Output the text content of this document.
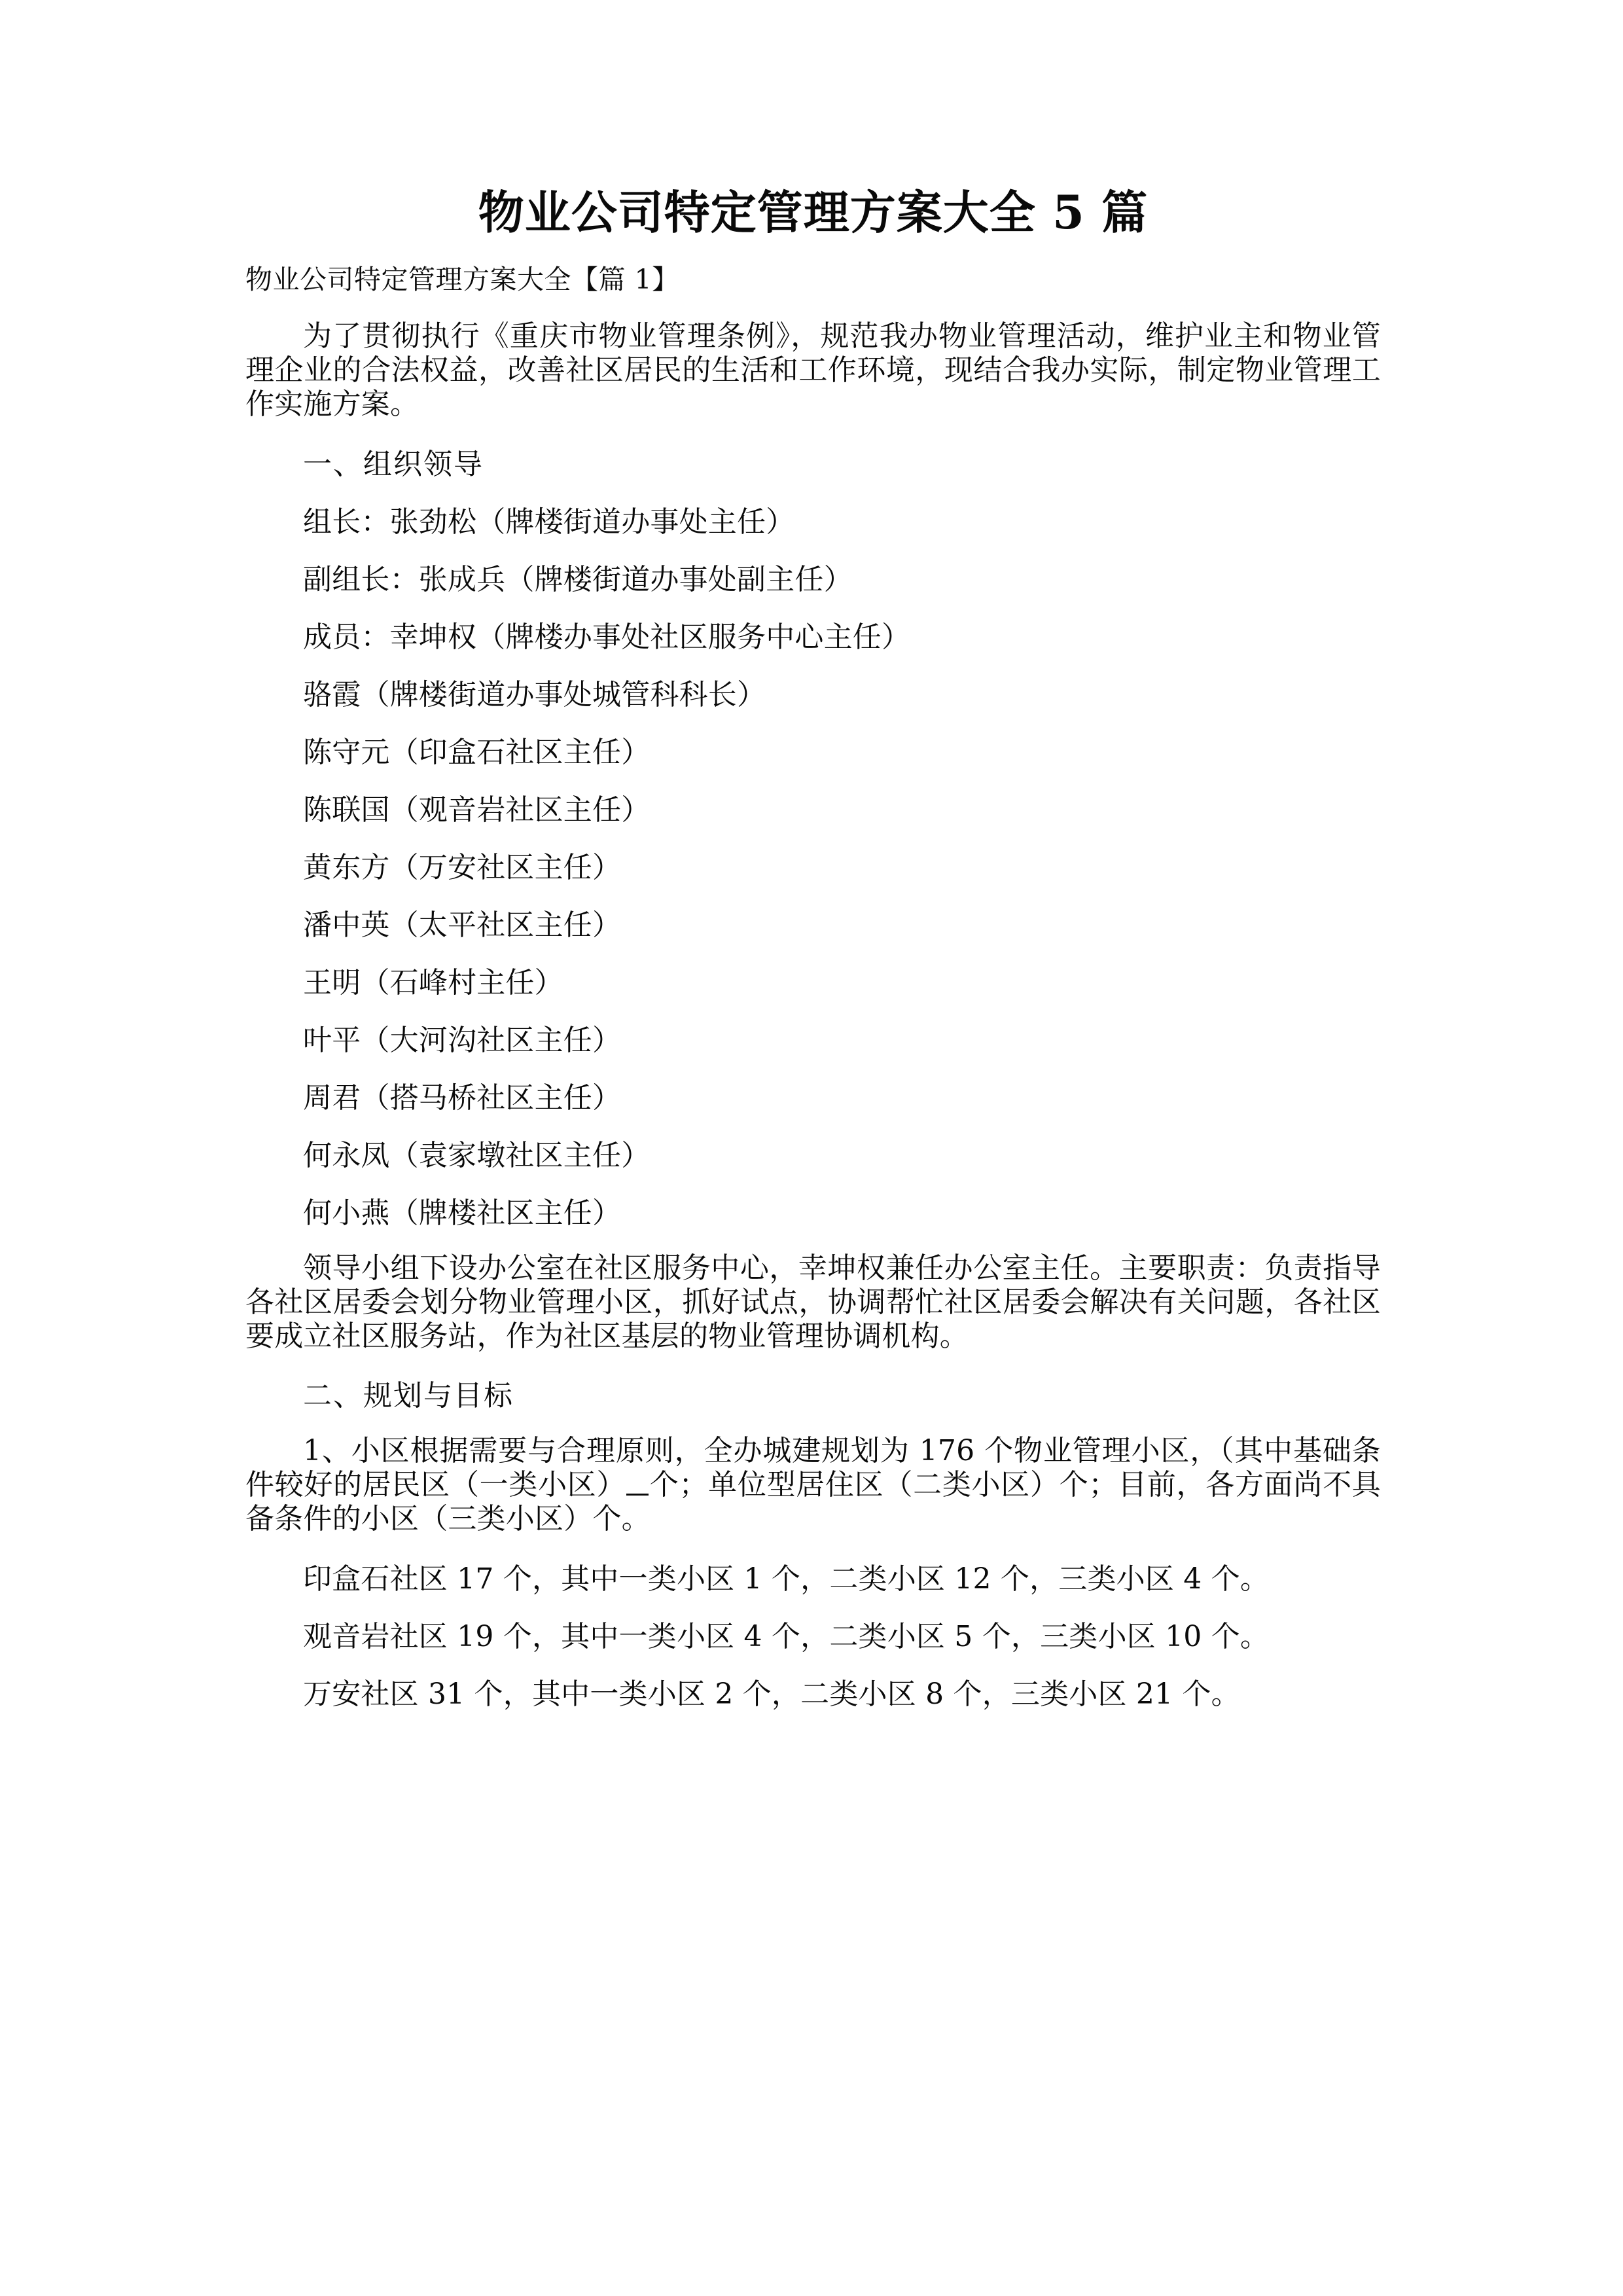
物业公司特定管理方案大全 5 篇

物业公司特定管理方案大全【篇 1】

为了贯彻执行《重庆市物业管理条例》，规范我办物业管理活动，维护业主和物业管理企业的合法权益，改善社区居民的生活和工作环境，现结合我办实际，制定物业管理工作实施方案。

一、组织领导

组长：张劲松（牌楼街道办事处主任）

副组长：张成兵（牌楼街道办事处副主任）

成员：幸坤权（牌楼办事处社区服务中心主任）

骆霞（牌楼街道办事处城管科科长）

陈守元（印盒石社区主任）

陈联国（观音岩社区主任）

黄东方（万安社区主任）

潘中英（太平社区主任）

王明（石峰村主任）

叶平（大河沟社区主任）

周君（搭马桥社区主任）

何永凤（袁家墩社区主任）

何小燕（牌楼社区主任）

领导小组下设办公室在社区服务中心，幸坤权兼任办公室主任。主要职责：负责指导各社区居委会划分物业管理小区，抓好试点，协调帮忙社区居委会解决有关问题，各社区要成立社区服务站，作为社区基层的物业管理协调机构。

二、规划与目标

1、小区根据需要与合理原则，全办城建规划为 176 个物业管理小区，（其中基础条件较好的居民区（一类小区） 个；单位型居住区（二类小区）个；目前，各方面尚不具备条件的小区（三类小区）个。

印盒石社区 17 个，其中一类小区 1 个，二类小区 12 个，三类小区 4 个。

观音岩社区 19 个，其中一类小区 4 个，二类小区 5 个，三类小区 10 个。

万安社区 31 个，其中一类小区 2 个，二类小区 8 个，三类小区 21 个。
